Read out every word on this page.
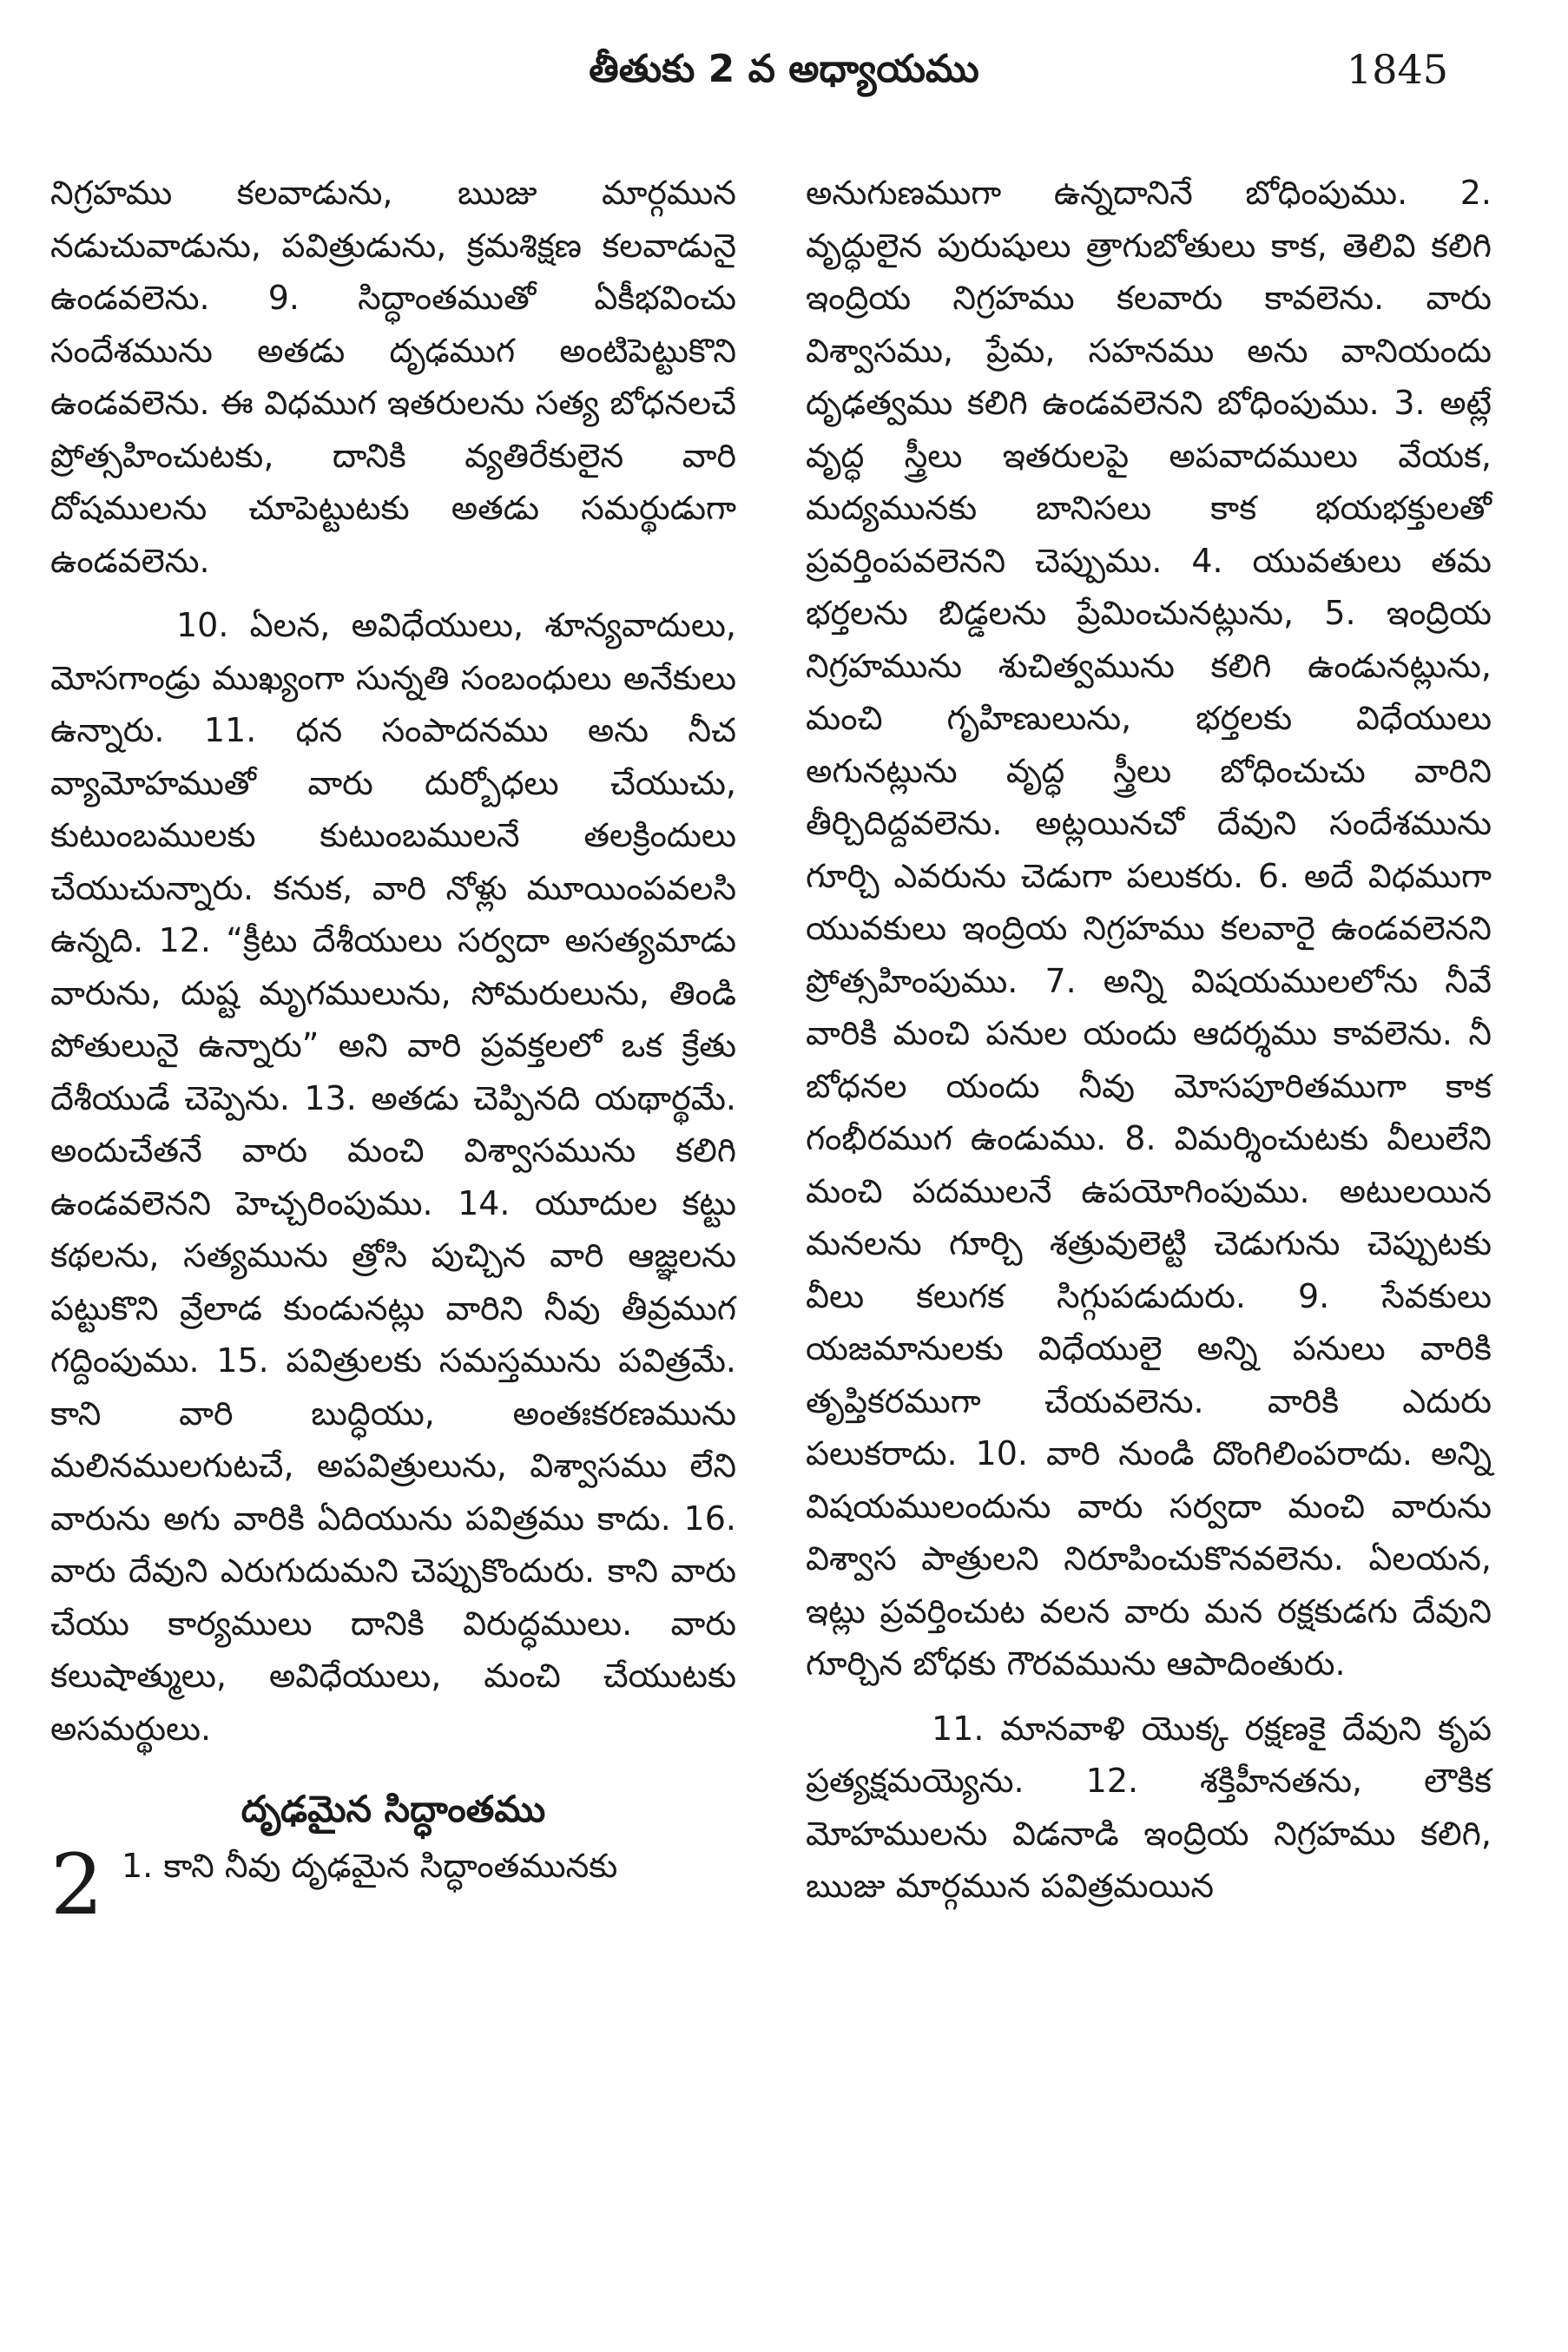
తీతుకు 2 వ అధ్యాయము	1845

నిగ్రహము కలవాడును, ఋజు మార్గమున నడుచువాడును, పవిత్రుడును, క్రమశిక్షణ కలవాడునై ఉండవలెను. 9. సిద్ధాంతముతో ఏకీభవించు సందేశమును అతడు దృఢముగ అంటిపెట్టుకొని ఉండవలెను. ఈ విధముగ ఇతరులను సత్య బోధనలచే ప్రోత్సహించుటకు, దానికి వ్యతిరేకులైన వారి దోషములను చూపెట్టుటకు అతడు సమర్థుడుగా ఉండవలెను.

10. ఏలన, అవిధేయులు, శూన్యవాదులు, మోసగాండ్రు ముఖ్యంగా సున్నతి సంబంధులు అనేకులు ఉన్నారు. 11. ధన సంపాదనము అను నీచ వ్యామోహముతో వారు దుర్బోధలు చేయుచు, కుటుంబములకు కుటుంబములనే తలక్రిందులు చేయుచున్నారు. కనుక, వారి నోళ్లు మూయింపవలసి ఉన్నది. 12. “క్రీటు దేశీయులు సర్వదా అసత్యమాడు వారును, దుష్ట మృగములును, సోమరులును, తిండి పోతులునై ఉన్నారు” అని వారి ప్రవక్తలలో ఒక క్రేతు దేశీయుడే చెప్పెను. 13. అతడు చెప్పినది యథార్థమే. అందుచేతనే వారు మంచి విశ్వాసమును కలిగి ఉండవలెనని హెచ్చరింపుము. 14. యూదుల కట్టు కథలను, సత్యమును త్రోసి పుచ్చిన వారి ఆజ్ఞలను పట్టుకొని వ్రేలాడ కుండునట్లు వారిని నీవు తీవ్రముగ గద్దింపుము. 15. పవిత్రులకు సమస్తమును పవిత్రమే. కాని వారి బుద్ధియు, అంతఃకరణమును మలినములగుటచే, అపవిత్రులును, విశ్వాసము లేని వారును అగు వారికి ఏదియును పవిత్రము కాదు. 16. వారు దేవుని ఎరుగుదుమని చెప్పుకొందురు. కాని వారు చేయు కార్యములు దానికి విరుద్ధములు. వారు కలుషాత్ములు, అవిధేయులు, మంచి చేయుటకు అసమర్థులు.

దృఢమైన సిద్ధాంతము
2 1. కాని నీవు దృఢమైన సిద్ధాంతమునకు

అనుగుణముగా ఉన్నదానినే బోధింపుము. 2. వృద్ధులైన పురుషులు త్రాగుబోతులు కాక, తెలివి కలిగి ఇంద్రియ నిగ్రహము కలవారు కావలెను. వారు విశ్వాసము, ప్రేమ, సహనము అను వానియందు దృఢత్వము కలిగి ఉండవలెనని బోధింపుము. 3. అట్లే వృద్ధ స్త్రీలు ఇతరులపై అపవాదములు వేయక, మద్యమునకు బానిసలు కాక భయభక్తులతో ప్రవర్తింపవలెనని చెప్పుము. 4. యువతులు తమ భర్తలను బిడ్డలను ప్రేమించునట్లును, 5. ఇంద్రియ నిగ్రహమును శుచిత్వమును కలిగి ఉండునట్లును, మంచి గృహిణులును, భర్తలకు విధేయులు అగునట్లును వృద్ధ స్త్రీలు బోధించుచు వారిని తీర్చిదిద్దవలెను. అట్లయినచో దేవుని సందేశమును గూర్చి ఎవరును చెడుగా పలుకరు. 6. అదే విధముగా యువకులు ఇంద్రియ నిగ్రహము కలవారై ఉండవలెనని ప్రోత్సహింపుము. 7. అన్ని విషయములలోను నీవే వారికి మంచి పనుల యందు ఆదర్శము కావలెను. నీ బోధనల యందు నీవు మోసపూరితముగా కాక గంభీరముగ ఉండుము. 8. విమర్శించుటకు వీలులేని మంచి పదములనే ఉపయోగింపుము. అటులయిన మనలను గూర్చి శత్రువులెట్టి చెడుగును చెప్పుటకు వీలు కలుగక సిగ్గుపడుదురు. 9. సేవకులు యజమానులకు విధేయులై అన్ని పనులు వారికి తృప్తికరముగా చేయవలెను. వారికి ఎదురు పలుకరాదు. 10. వారి నుండి దొంగిలింపరాదు. అన్ని విషయములందును వారు సర్వదా మంచి వారును విశ్వాస పాత్రులని నిరూపించుకొనవలెను. ఏలయన, ఇట్లు ప్రవర్తించుట వలన వారు మన రక్షకుడగు దేవుని గూర్చిన బోధకు గౌరవమును ఆపాదింతురు.

11. మానవాళి యొక్క రక్షణకై దేవుని కృప ప్రత్యక్షమయ్యెను. 12. శక్తిహీనతను, లౌకిక మోహములను విడనాడి ఇంద్రియ నిగ్రహము కలిగి, ఋజు మార్గమున పవిత్రమయిన
